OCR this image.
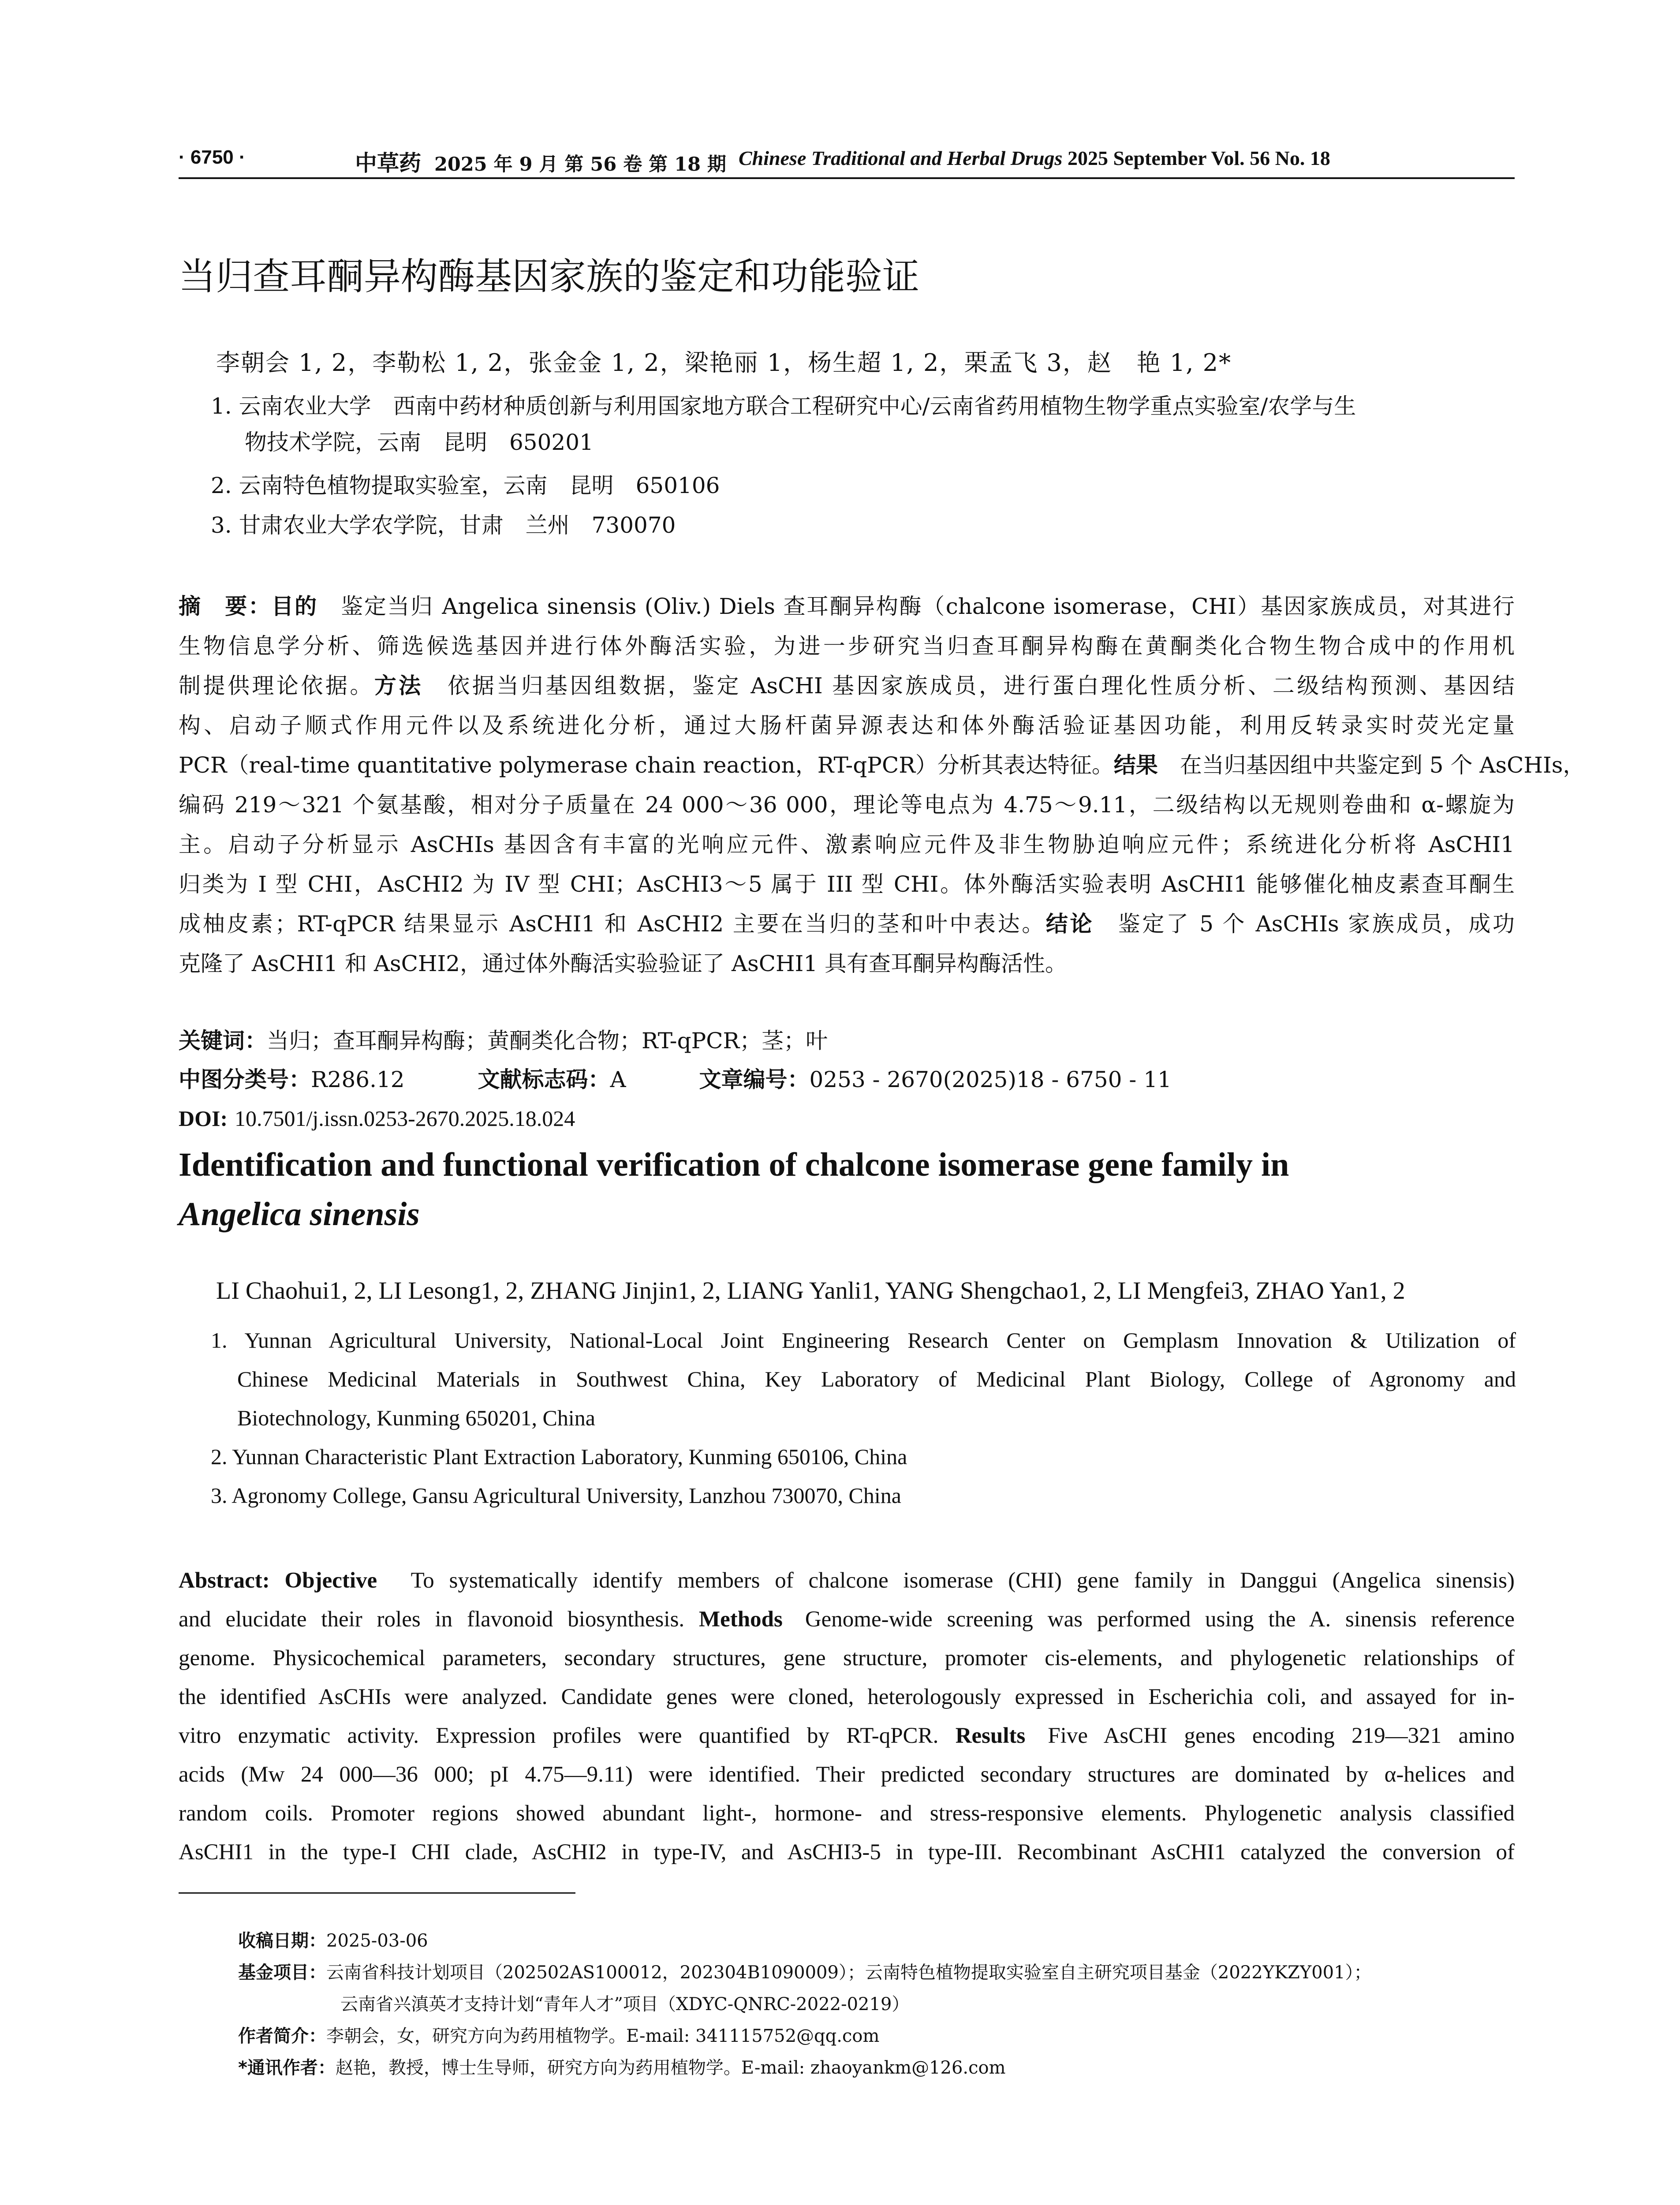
· 6750 ·	中草药 2025 年 9 月 第 56 卷 第 18 期 Chinese Traditional and Herbal Drugs 2025 September Vol. 56 No. 18
当归查耳酮异构酶基因家族的鉴定和功能验证
李朝会 1, 2，李勒松 1, 2，张金金 1, 2，梁艳丽 1，杨生超 1, 2，栗孟飞 3，赵　艳 1, 2*
1. 云南农业大学　西南中药材种质创新与利用国家地方联合工程研究中心/云南省药用植物生物学重点实验室/农学与生
物技术学院，云南　昆明　650201
2. 云南特色植物提取实验室，云南　昆明　650106
3. 甘肃农业大学农学院，甘肃　兰州　730070
摘　要：目的　鉴定当归 Angelica sinensis (Oliv.) Diels 查耳酮异构酶（chalcone isomerase，CHI）基因家族成员，对其进行
生物信息学分析、筛选候选基因并进行体外酶活实验，为进一步研究当归查耳酮异构酶在黄酮类化合物生物合成中的作用机
制提供理论依据。方法　依据当归基因组数据，鉴定 AsCHI 基因家族成员，进行蛋白理化性质分析、二级结构预测、基因结
构、启动子顺式作用元件以及系统进化分析，通过大肠杆菌异源表达和体外酶活验证基因功能，利用反转录实时荧光定量
PCR（real-time quantitative polymerase chain reaction，RT-qPCR）分析其表达特征。结果　在当归基因组中共鉴定到 5 个 AsCHIs，
编码 219～321 个氨基酸，相对分子质量在 24 000～36 000，理论等电点为 4.75～9.11，二级结构以无规则卷曲和 α-螺旋为
主。启动子分析显示 AsCHIs 基因含有丰富的光响应元件、激素响应元件及非生物胁迫响应元件；系统进化分析将 AsCHI1
归类为 I 型 CHI，AsCHI2 为 IV 型 CHI；AsCHI3～5 属于 III 型 CHI。体外酶活实验表明 AsCHI1 能够催化柚皮素查耳酮生
成柚皮素；RT-qPCR 结果显示 AsCHI1 和 AsCHI2 主要在当归的茎和叶中表达。结论　鉴定了 5 个 AsCHIs 家族成员，成功
克隆了 AsCHI1 和 AsCHI2，通过体外酶活实验验证了 AsCHI1 具有查耳酮异构酶活性。
关键词：当归；查耳酮异构酶；黄酮类化合物；RT-qPCR；茎；叶
中图分类号：R286.12	文献标志码：A	文章编号：0253 - 2670(2025)18 - 6750 - 11
DOI: 10.7501/j.issn.0253-2670.2025.18.024
Identification and functional verification of chalcone isomerase gene family in
Angelica sinensis
LI Chaohui1, 2, LI Lesong1, 2, ZHANG Jinjin1, 2, LIANG Yanli1, YANG Shengchao1, 2, LI Mengfei3, ZHAO Yan1, 2
1. Yunnan Agricultural University, National-Local Joint Engineering Research Center on Gemplasm Innovation & Utilization of
Chinese Medicinal Materials in Southwest China, Key Laboratory of Medicinal Plant Biology, College of Agronomy and
Biotechnology, Kunming 650201, China
2. Yunnan Characteristic Plant Extraction Laboratory, Kunming 650106, China
3. Agronomy College, Gansu Agricultural University, Lanzhou 730070, China
Abstract: Objective   To systematically identify members of chalcone isomerase (CHI) gene family in Danggui (Angelica sinensis)
and elucidate their roles in flavonoid biosynthesis. Methods  Genome-wide screening was performed using the A. sinensis reference
genome. Physicochemical parameters, secondary structures, gene structure, promoter cis-elements, and phylogenetic relationships of
the identified AsCHIs were analyzed. Candidate genes were cloned, heterologously expressed in Escherichia coli, and assayed for in-
vitro enzymatic activity. Expression profiles were quantified by RT-qPCR. Results  Five AsCHI genes encoding 219—321 amino
acids (Mw 24 000—36 000; pI 4.75—9.11) were identified. Their predicted secondary structures are dominated by α-helices and
random coils. Promoter regions showed abundant light-, hormone- and stress-responsive elements. Phylogenetic analysis classified
AsCHI1 in the type-I CHI clade, AsCHI2 in type-IV, and AsCHI3-5 in type-III. Recombinant AsCHI1 catalyzed the conversion of
收稿日期：2025-03-06
基金项目：云南省科技计划项目（202502AS100012，202304B1090009）；云南特色植物提取实验室自主研究项目基金（2022YKZY001）；
云南省兴滇英才支持计划“青年人才”项目（XDYC-QNRC-2022-0219）
作者简介：李朝会，女，研究方向为药用植物学。E-mail: 341115752@qq.com
*通讯作者：赵艳，教授，博士生导师，研究方向为药用植物学。E-mail: zhaoyankm@126.com
